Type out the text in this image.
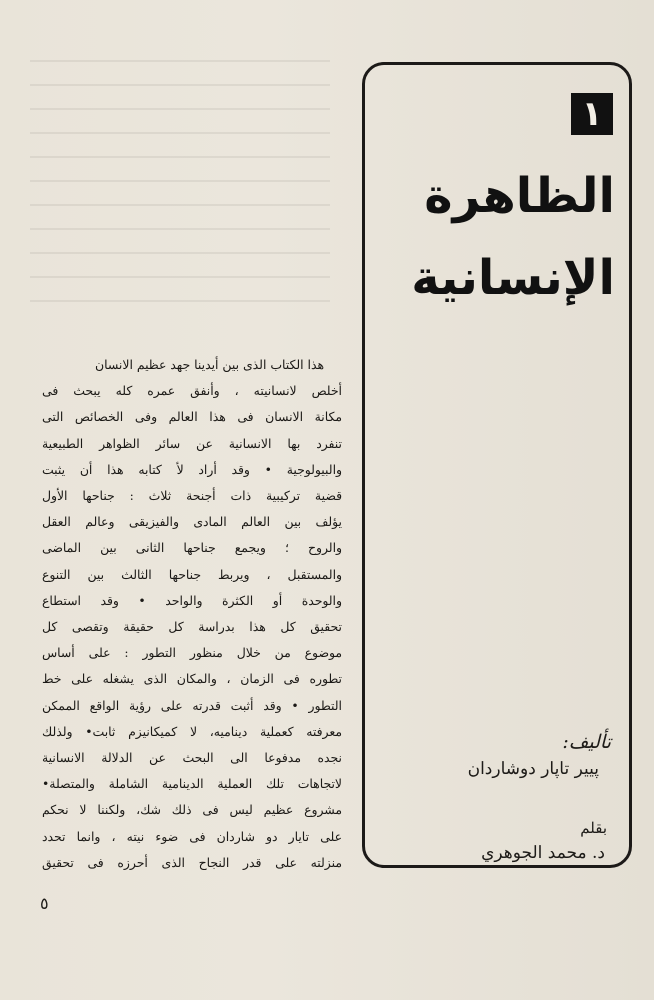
١
الظاهرة الإنسانية
تأليف:
پيير تاپار دوشاردان
بقلم
د. محمد الجوهري
هذا الكتاب الذى بين أيدينا جهد عظيم الانسان
أخلص لانسانيته ، وأنفق عمره كله يبحث فى
مكانة الانسان فى هذا العالم وفى الخصائص التى
تنفرد بها الانسانية عن سائر الظواهر الطبيعية
والبيولوجية • وقد أراد لأ كتابه هذا أن يثبت
قضية تركيبية ذات أجنحة ثلاث : جناحها الأول
يؤلف بين العالم المادى والفيزيقى وعالم العقل
والروح ؛ ويجمع جناحها الثانى بين الماضى
والمستقبل ، ويربط جناحها الثالث بين التنوع
والوحدة أو الكثرة والواحد • وقد استطاع
تحقيق كل هذا بدراسة كل حقيقة وتقصى كل
موضوع من خلال منظور التطور : على أساس
تطوره فى الزمان ، والمكان الذى يشغله على خط
التطور • وقد أثبت قدرته على رؤية الواقع الممكن
معرفته كعملية ديناميه، لا كميكانيزم ثابت• ولذلك
نجده مدفوعا الى البحث عن الدلالة الانسانية
لاتجاهات تلك العملية الدينامية الشاملة والمتصلة•
مشروع عظيم ليس فى ذلك شك، ولكننا لا نحكم
على تايار دو شاردان فى ضوء نيته ، وانما تحدد
منزلته على قدر النجاح الذى أحرزه فى تحقيق
٥
